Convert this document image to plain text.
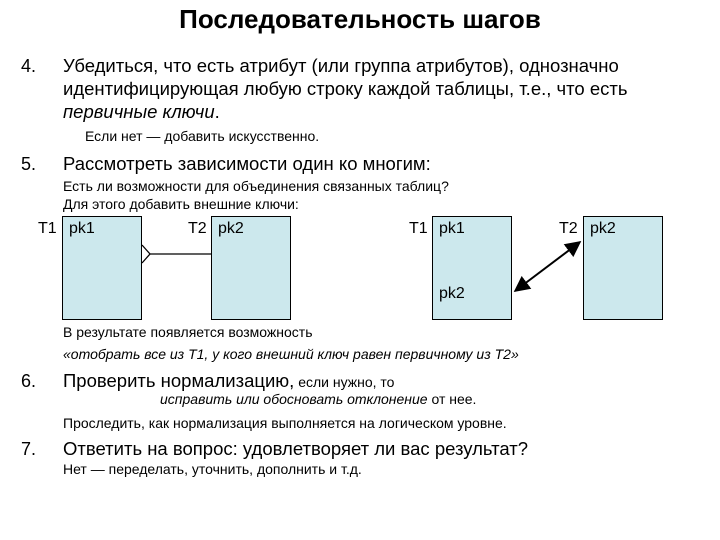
Последовательность шагов
4. Убедиться, что есть атрибут (или группа атрибутов), однозначно
идентифицирующая любую строку каждой таблицы, т.е., что есть
первичные ключи.
Если нет — добавить искусственно.
5. Рассмотреть зависимости один ко многим:
Есть ли возможности для объединения связанных таблиц?
Для этого добавить внешние ключи:
T1 pk1	T2 pk2	T1 pk1
pk2
T2 pk2
В результате появляется возможность
«отобрать все из Т1, у кого внешний ключ равен первичному из Т2»
6. Проверить нормализацию, если нужно, то
исправить или обосновать отклонение от нее.
Проследить, как нормализация выполняется на логическом уровне.
7. Ответить на вопрос: удовлетворяет ли вас результат?
Нет — переделать, уточнить, дополнить и т.д.
